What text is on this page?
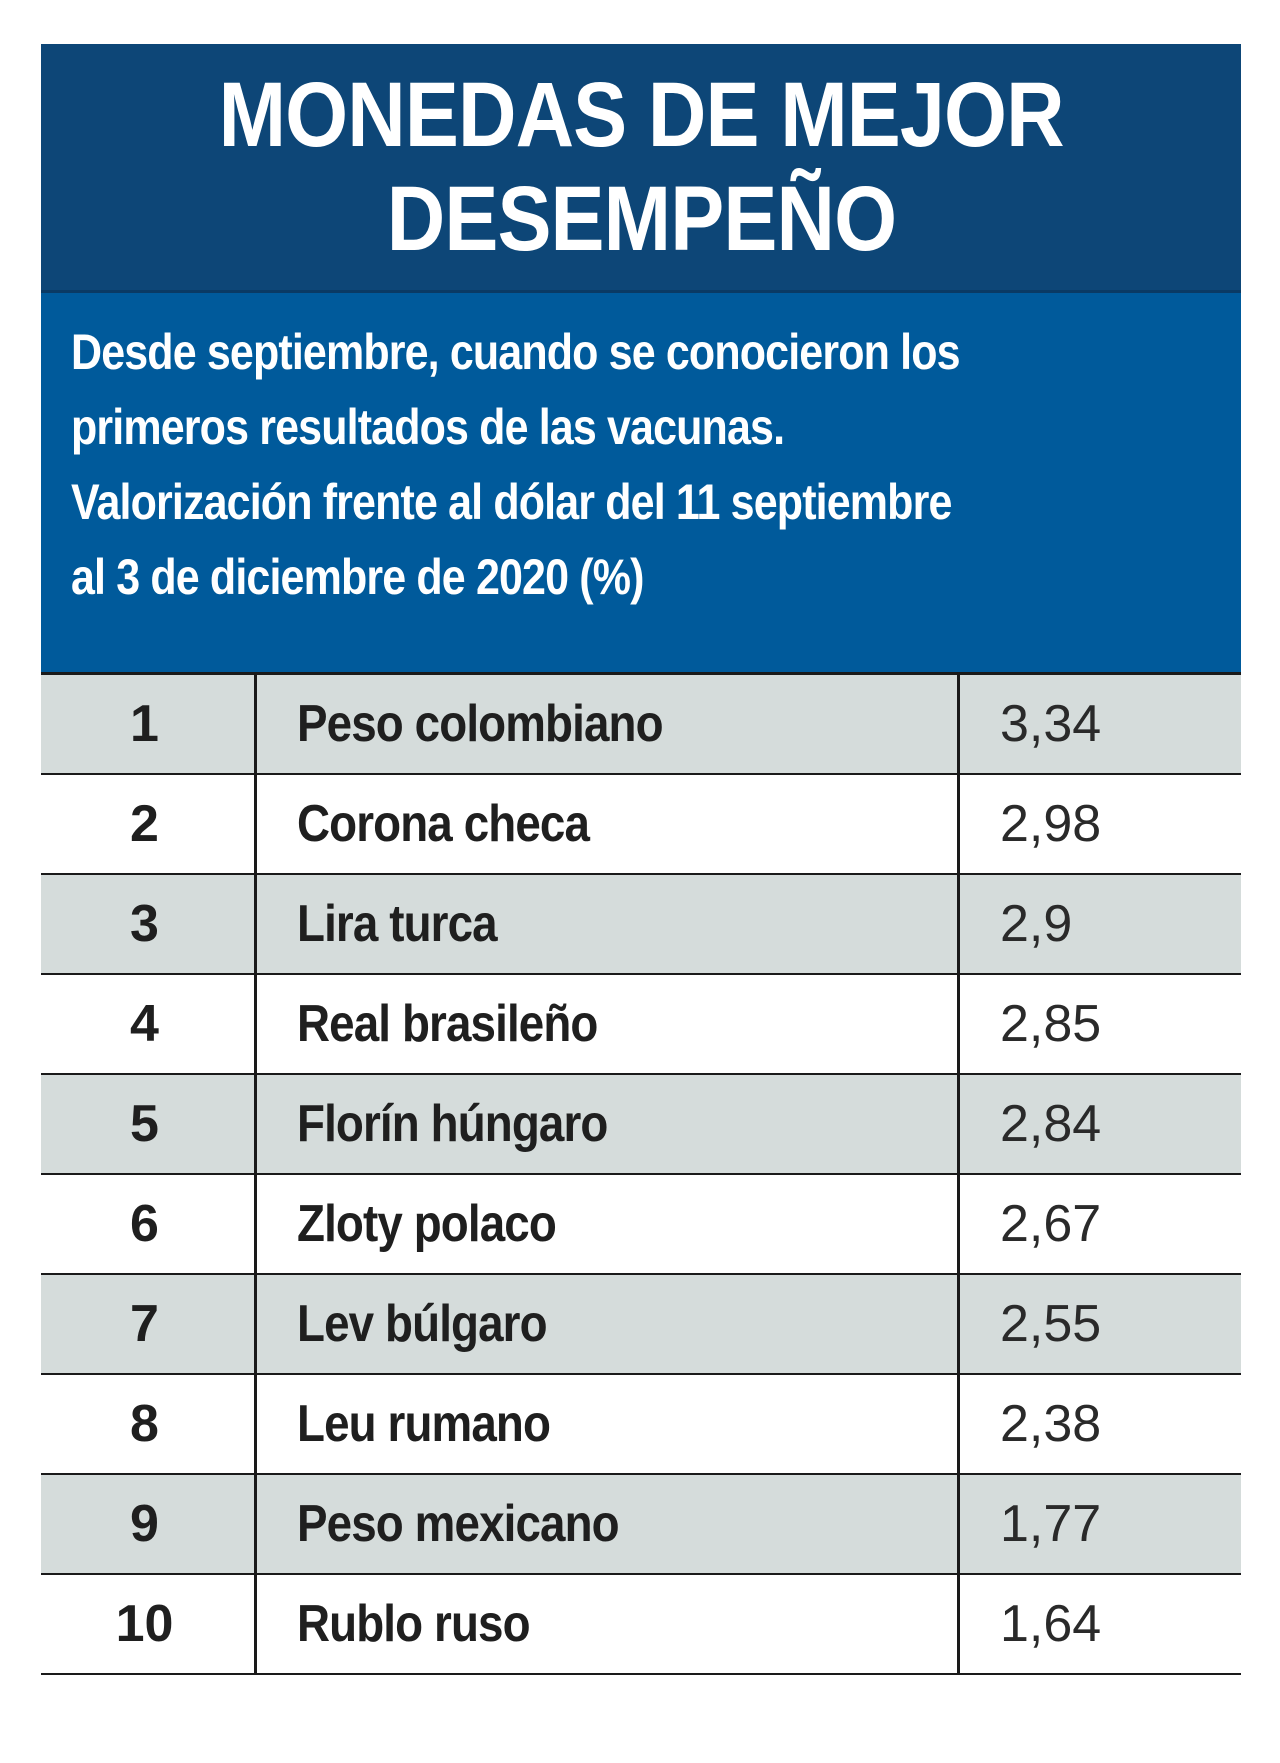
MONEDAS DE MEJOR
DESEMPEÑO
Desde septiembre, cuando se conocieron los
primeros resultados de las vacunas.
Valorización frente al dólar del 11 septiembre
al 3 de diciembre de 2020 (%)
1	Peso colombiano	3,34
2	Corona checa	2,98
3	Lira turca	2,9
4	Real brasileño	2,85
5	Florín húngaro	2,84
6	Zloty polaco	2,67
7	Lev búlgaro	2,55
8	Leu rumano	2,38
9	Peso mexicano	1,77
10	Rublo ruso	1,64
